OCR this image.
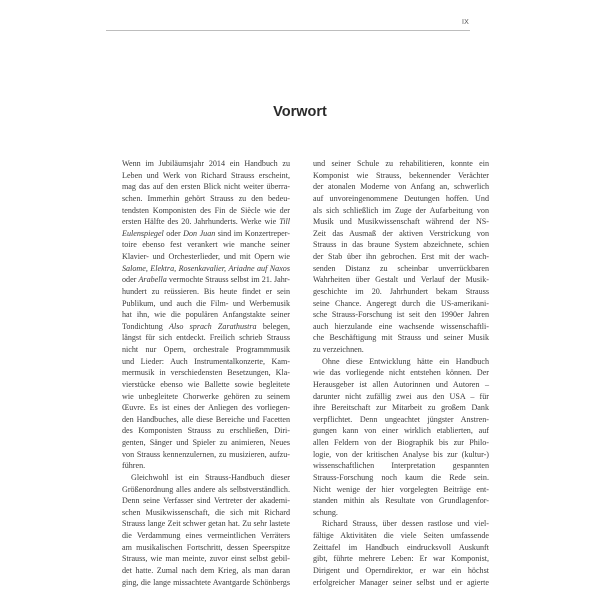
IX
Vorwort
Wenn im Jubiläumsjahr 2014 ein Handbuch zu
Leben und Werk von Richard Strauss erscheint,
mag das auf den ersten Blick nicht weiter überra-
schen. Immerhin gehört Strauss zu den bedeu-
tendsten Komponisten des Fin de Siècle wie der
ersten Hälfte des 20. Jahrhunderts. Werke wie Till
Eulenspiegel oder Don Juan sind im Konzertreper-
toire ebenso fest verankert wie manche seiner
Klavier- und Orchesterlieder, und mit Opern wie
Salome, Elektra, Rosenkavalier, Ariadne auf Naxos
oder Arabella vermochte Strauss selbst im 21. Jahr-
hundert zu reüssieren. Bis heute findet er sein
Publikum, und auch die Film- und Werbemusik
hat ihn, wie die populären Anfangstakte seiner
Tondichtung Also sprach Zarathustra belegen,
längst für sich entdeckt. Freilich schrieb Strauss
nicht nur Opern, orchestrale Programmmusik
und Lieder: Auch Instrumentalkonzerte, Kam-
mermusik in verschiedensten Besetzungen, Kla-
vierstücke ebenso wie Ballette sowie begleitete
wie unbegleitete Chorwerke gehören zu seinem
Œuvre. Es ist eines der Anliegen des vorliegen-
den Handbuches, alle diese Bereiche und Facetten
des Komponisten Strauss zu erschließen, Diri-
genten, Sänger und Spieler zu animieren, Neues
von Strauss kennenzulernen, zu musizieren, aufzu-
führen.
Gleichwohl ist ein Strauss-Handbuch dieser
Größenordnung alles andere als selbstverständlich.
Denn seine Verfasser sind Vertreter der akademi-
schen Musikwissenschaft, die sich mit Richard
Strauss lange Zeit schwer getan hat. Zu sehr lastete
die Verdammung eines vermeintlichen Verräters
am musikalischen Fortschritt, dessen Speerspitze
Strauss, wie man meinte, zuvor einst selbst gebil-
det hatte. Zumal nach dem Krieg, als man daran
ging, die lange missachtete Avantgarde Schönbergs
und seiner Schule zu rehabilitieren, konnte ein
Komponist wie Strauss, bekennender Verächter
der atonalen Moderne von Anfang an, schwerlich
auf unvoreingenommene Deutungen hoffen. Und
als sich schließlich im Zuge der Aufarbeitung von
Musik und Musikwissenschaft während der NS-
Zeit das Ausmaß der aktiven Verstrickung von
Strauss in das braune System abzeichnete, schien
der Stab über ihn gebrochen. Erst mit der wach-
senden Distanz zu scheinbar unverrückbaren
Wahrheiten über Gestalt und Verlauf der Musik-
geschichte im 20. Jahrhundert bekam Strauss
seine Chance. Angeregt durch die US-amerikani-
sche Strauss-Forschung ist seit den 1990er Jahren
auch hierzulande eine wachsende wissenschaftli-
che Beschäftigung mit Strauss und seiner Musik
zu verzeichnen.
Ohne diese Entwicklung hätte ein Handbuch
wie das vorliegende nicht entstehen können. Der
Herausgeber ist allen Autorinnen und Autoren –
darunter nicht zufällig zwei aus den USA – für
ihre Bereitschaft zur Mitarbeit zu großem Dank
verpflichtet. Denn ungeachtet jüngster Anstren-
gungen kann von einer wirklich etablierten, auf
allen Feldern von der Biographik bis zur Philo-
logie, von der kritischen Analyse bis zur (kultur-)
wissenschaftlichen Interpretation gespannten
Strauss-Forschung noch kaum die Rede sein.
Nicht wenige der hier vorgelegten Beiträge ent-
standen mithin als Resultate von Grundlagenfor-
schung.
Richard Strauss, über dessen rastlose und viel-
fältige Aktivitäten die viele Seiten umfassende
Zeittafel im Handbuch eindrucksvoll Auskunft
gibt, führte mehrere Leben: Er war Komponist,
Dirigent und Operndirektor, er war ein höchst
erfolgreicher Manager seiner selbst und er agierte
